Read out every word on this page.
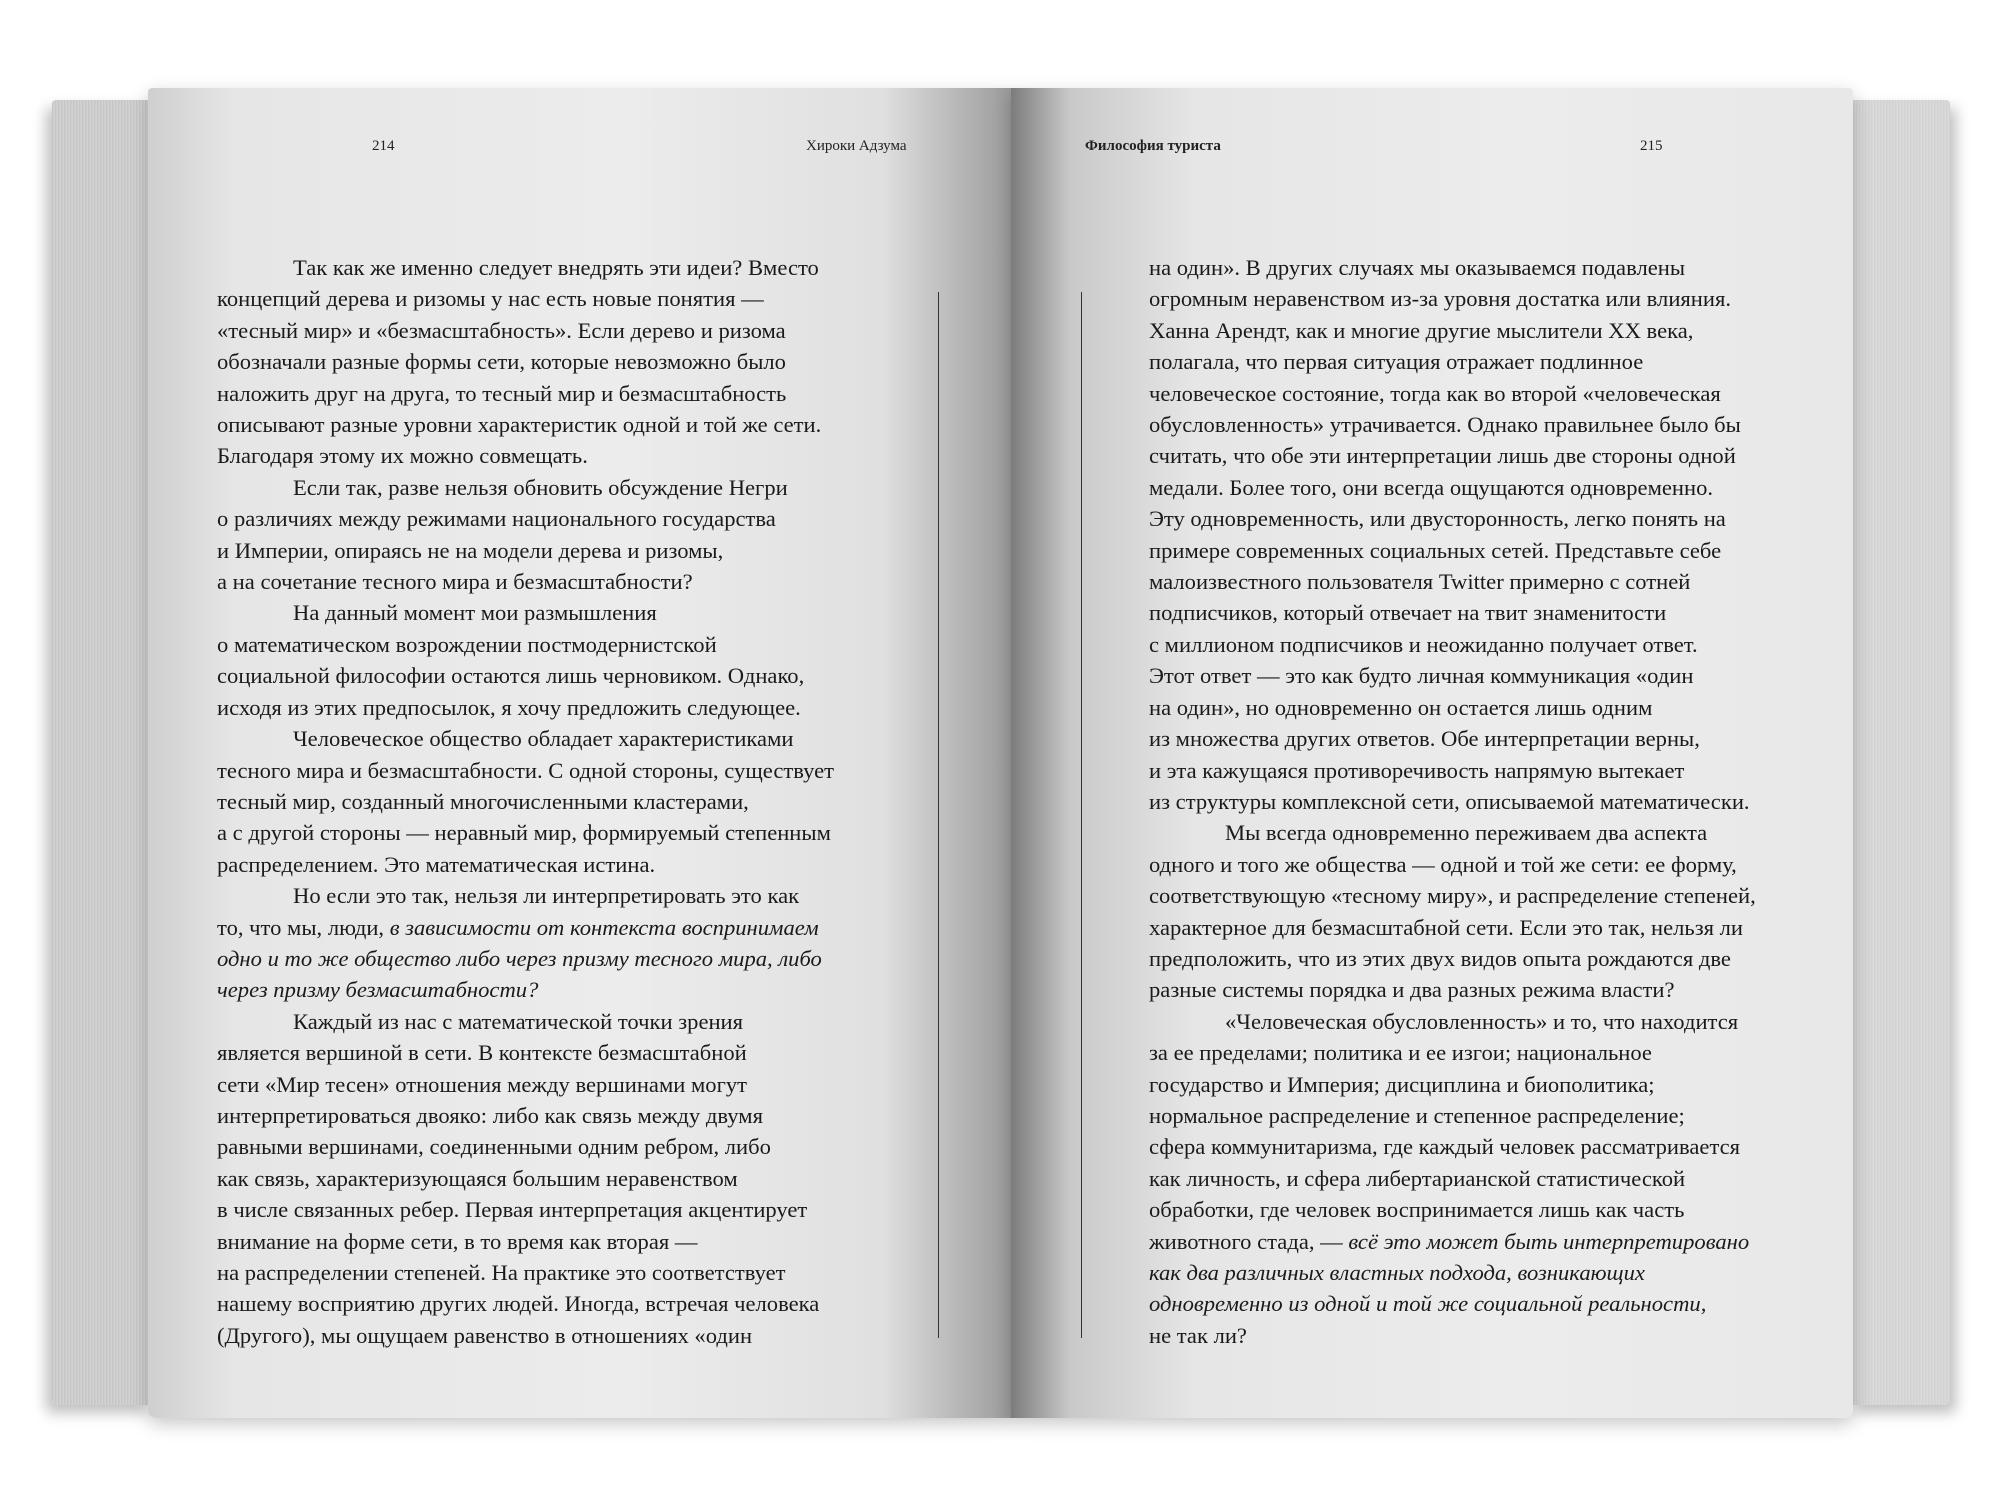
214	Хироки Адзума

Так как же именно следует внедрять эти идеи? Вместо

концепций дерева и ризомы у нас есть новые понятия —

«тесный мир» и «безмасштабность». Если дерево и ризома

обозначали разные формы сети, которые невозможно было

наложить друг на друга, то тесный мир и безмасштабность

описывают разные уровни характеристик одной и той же сети.

Благодаря этому их можно совмещать.

Если так, разве нельзя обновить обсуждение Негри

о различиях между режимами национального государства

и Империи, опираясь не на модели дерева и ризомы,

а на сочетание тесного мира и безмасштабности?

На данный момент мои размышления

о математическом возрождении постмодернистской

социальной философии остаются лишь черновиком. Однако,

исходя из этих предпосылок, я хочу предложить следующее.

Человеческое общество обладает характеристиками

тесного мира и безмасштабности. С одной стороны, существует

тесный мир, созданный многочисленными кластерами,

а с другой стороны — неравный мир, формируемый степенным

распределением. Это математическая истина.

Но если это так, нельзя ли интерпретировать это как

то, что мы, люди, в зависимости от контекста воспринимаем

одно и то же общество либо через призму тесного мира, либо

через призму безмасштабности?

Каждый из нас с математической точки зрения

является вершиной в сети. В контексте безмасштабной

сети «Мир тесен» отношения между вершинами могут

интерпретироваться двояко: либо как связь между двумя

равными вершинами, соединенными одним ребром, либо

как связь, характеризующаяся большим неравенством

в числе связанных ребер. Первая интерпретация акцентирует

внимание на форме сети, в то время как вторая —

на распределении степеней. На практике это соответствует

нашему восприятию других людей. Иногда, встречая человека

(Другого), мы ощущаем равенство в отношениях «один

Философия туриста	215

на один». В других случаях мы оказываемся подавлены

огромным неравенством из-за уровня достатка или влияния.

Ханна Арендт, как и многие другие мыслители XX века,

полагала, что первая ситуация отражает подлинное

человеческое состояние, тогда как во второй «человеческая

обусловленность» утрачивается. Однако правильнее было бы

считать, что обе эти интерпретации лишь две стороны одной

медали. Более того, они всегда ощущаются одновременно.

Эту одновременность, или двусторонность, легко понять на

примере современных социальных сетей. Представьте себе

малоизвестного пользователя Twitter примерно с сотней

подписчиков, который отвечает на твит знаменитости

с миллионом подписчиков и неожиданно получает ответ.

Этот ответ — это как будто личная коммуникация «один

на один», но одновременно он остается лишь одним

из множества других ответов. Обе интерпретации верны,

и эта кажущаяся противоречивость напрямую вытекает

из структуры комплексной сети, описываемой математически.

Мы всегда одновременно переживаем два аспекта

одного и того же общества — одной и той же сети: ее форму,

соответствующую «тесному миру», и распределение степеней,

характерное для безмасштабной сети. Если это так, нельзя ли

предположить, что из этих двух видов опыта рождаются две

разные системы порядка и два разных режима власти?

«Человеческая обусловленность» и то, что находится

за ее пределами; политика и ее изгои; национальное

государство и Империя; дисциплина и биополитика;

нормальное распределение и степенное распределение;

сфера коммунитаризма, где каждый человек рассматривается

как личность, и сфера либертарианской статистической

обработки, где человек воспринимается лишь как часть

животного стада, — всё это может быть интерпретировано

как два различных властных подхода, возникающих

одновременно из одной и той же социальной реальности,

не так ли?
